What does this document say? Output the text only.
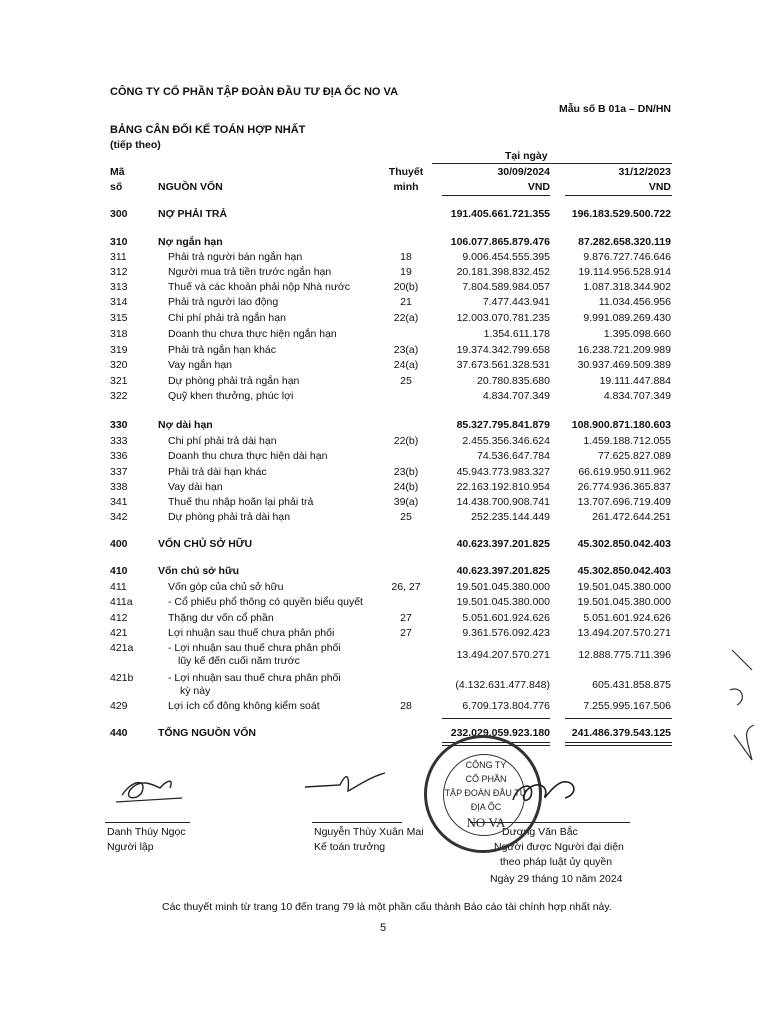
CÔNG TY CỔ PHẦN TẬP ĐOÀN ĐẦU TƯ ĐỊA ỐC NO VA
Mẫu số B 01a – DN/HN
BẢNG CÂN ĐỐI KẾ TOÁN HỢP NHẤT
(tiếp theo)
Tại ngày
Mã
số	NGUỒN VỐN
Thuyết
minh
30/09/2024
VND
31/12/2023
VND
300	NỢ PHẢI TRẢ	191.405.661.721.355 196.183.529.500.722
310	Nợ ngắn hạn	106.077.865.879.476	87.282.658.320.119
311	Phải trả người bán ngắn hạn	18	9.006.454.555.395	9.876.727.746.646
312	Người mua trả tiền trước ngắn hạn	19	20.181.398.832.452	19.114.956.528.914
313	Thuế và các khoản phải nộp Nhà nước	20(b)	7.804.589.984.057	1.087.318.344.902
314	Phải trả người lao động	21	7.477.443.941	11.034.456.956
315	Chi phí phải trả ngắn hạn	22(a)	12.003.070.781.235	9.991.089.269.430
318	Doanh thu chưa thực hiện ngắn hạn	1.354.611.178	1.395.098.660
319	Phải trả ngắn hạn khác	23(a)	19.374.342.799.658	16.238.721.209.989
320	Vay ngắn hạn	24(a)	37.673.561.328.531	30.937.469.509.389
321	Dự phòng phải trả ngắn hạn	25	20.780.835.680	19.111.447.884
322	Quỹ khen thưởng, phúc lợi	4.834.707.349	4.834.707.349
330	Nợ dài hạn	85.327.795.841.879 108.900.871.180.603
333	Chi phí phải trả dài hạn	22(b)	2.455.356.346.624	1.459.188.712.055
336	Doanh thu chưa thực hiện dài hạn	74.536.647.784	77.625.827.089
337	Phải trả dài hạn khác	23(b)	45.943.773.983.327	66.619.950.911.962
338	Vay dài hạn	24(b)	22.163.192.810.954	26.774.936.365.837
341	Thuế thu nhập hoãn lại phải trả	39(a)	14.438.700.908.741	13.707.696.719.409
342	Dự phòng phải trả dài hạn	25	252.235.144.449	261.472.644.251
400	VỐN CHỦ SỞ HỮU	40.623.397.201.825	45.302.850.042.403
410	Vốn chủ sở hữu	40.623.397.201.825	45.302.850.042.403
411	Vốn góp của chủ sở hữu	26, 27	19.501.045.380.000	19.501.045.380.000
411a	- Cổ phiếu phổ thông có quyền biểu quyết	19.501.045.380.000	19.501.045.380.000
412	Thặng dư vốn cổ phần	27	5.051.601.924.626	5.051.601.924.626
421	Lợi nhuận sau thuế chưa phân phối	27	9.361.576.092.423	13.494.207.570.271
421a	- Lợi nhuận sau thuế chưa phân phối
lũy kế đến cuối năm trước	13.494.207.570.271	12.888.775.711.396
421b	- Lợi nhuận sau thuế chưa phân phối
kỳ này	(4.132.631.477.848)	605.431.858.875
429	Lợi ích cổ đông không kiểm soát	28	6.709.173.804.776	7.255.995.167.506
440	TỔNG NGUỒN VỐN	232.029.059.923.180 241.486.379.543.125
Danh Thúy Ngọc
Người lập
Nguyễn Thùy Xuân Mai
Kế toán trưởng
Dương Văn Bắc
Người được Người đại diện
theo pháp luật ủy quyền
Ngày 29 tháng 10 năm 2024
CÔNG TY
CỔ PHẦN
TẬP ĐOÀN ĐẦU TƯ
ĐỊA ỐC
NO VA
Các thuyết minh từ trang 10 đến trang 79 là một phần cấu thành Báo cáo tài chính hợp nhất này.
5
